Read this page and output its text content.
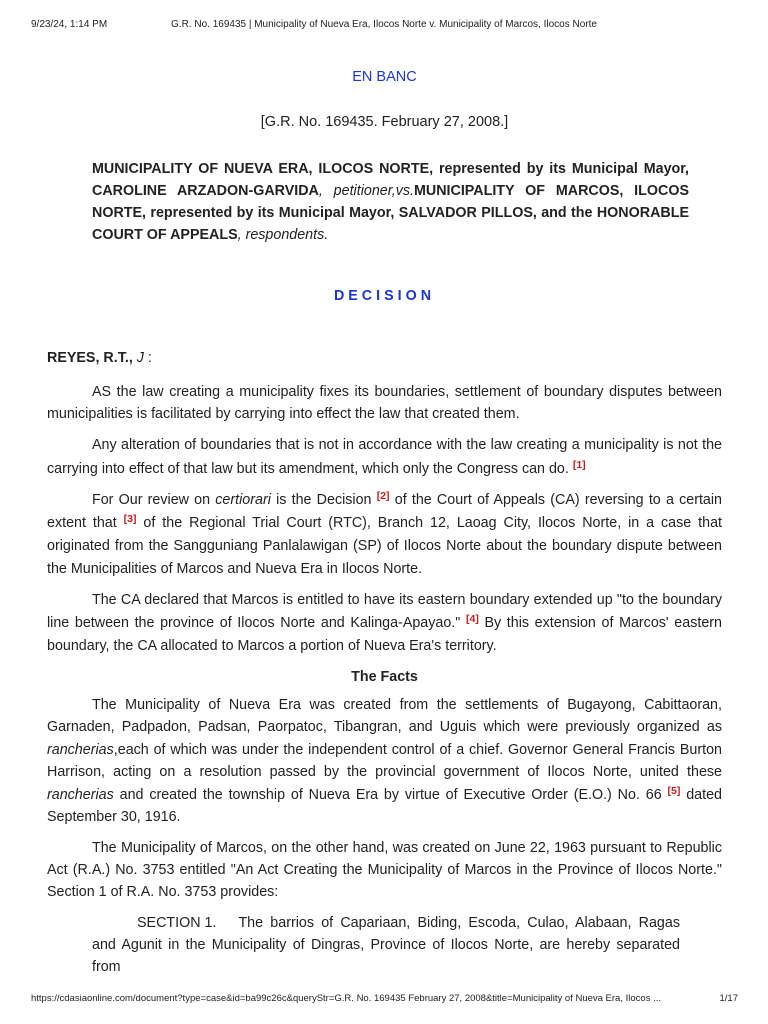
9/23/24, 1:14 PM	G.R. No. 169435 | Municipality of Nueva Era, Ilocos Norte v. Municipality of Marcos, Ilocos Norte

EN BANC

[G.R. No. 169435. February 27, 2008.]

MUNICIPALITY OF NUEVA ERA, ILOCOS NORTE, represented by its Municipal Mayor, CAROLINE ARZADON-GARVIDA, petitioner,vs.MUNICIPALITY OF MARCOS, ILOCOS NORTE, represented by its Municipal Mayor, SALVADOR PILLOS, and the HONORABLE COURT OF APPEALS, respondents.

DECISION

REYES, R.T., J :

AS the law creating a municipality fixes its boundaries, settlement of boundary disputes between municipalities is facilitated by carrying into effect the law that created them.

Any alteration of boundaries that is not in accordance with the law creating a municipality is not the carrying into effect of that law but its amendment, which only the Congress can do. [1]

For Our review on certiorari is the Decision [2] of the Court of Appeals (CA) reversing to a certain extent that [3] of the Regional Trial Court (RTC), Branch 12, Laoag City, Ilocos Norte, in a case that originated from the Sangguniang Panlalawigan (SP) of Ilocos Norte about the boundary dispute between the Municipalities of Marcos and Nueva Era in Ilocos Norte.

The CA declared that Marcos is entitled to have its eastern boundary extended up "to the boundary line between the province of Ilocos Norte and Kalinga-Apayao." [4] By this extension of Marcos' eastern boundary, the CA allocated to Marcos a portion of Nueva Era's territory.

The Facts

The Municipality of Nueva Era was created from the settlements of Bugayong, Cabittaoran, Garnaden, Padpadon, Padsan, Paorpatoc, Tibangran, and Uguis which were previously organized as rancherias,each of which was under the independent control of a chief. Governor General Francis Burton Harrison, acting on a resolution passed by the provincial government of Ilocos Norte, united these rancherias and created the township of Nueva Era by virtue of Executive Order (E.O.) No. 66 [5] dated September 30, 1916.

The Municipality of Marcos, on the other hand, was created on June 22, 1963 pursuant to Republic Act (R.A.) No. 3753 entitled "An Act Creating the Municipality of Marcos in the Province of Ilocos Norte." Section 1 of R.A. No. 3753 provides:

SECTION 1. The barrios of Capariaan, Biding, Escoda, Culao, Alabaan, Ragas and Agunit in the Municipality of Dingras, Province of Ilocos Norte, are hereby separated from

https://cdasiaonline.com/document?type=case&id=ba99c26c&queryStr=G.R. No. 169435 February 27, 2008&title=Municipality of Nueva Era, Ilocos ...	1/17
